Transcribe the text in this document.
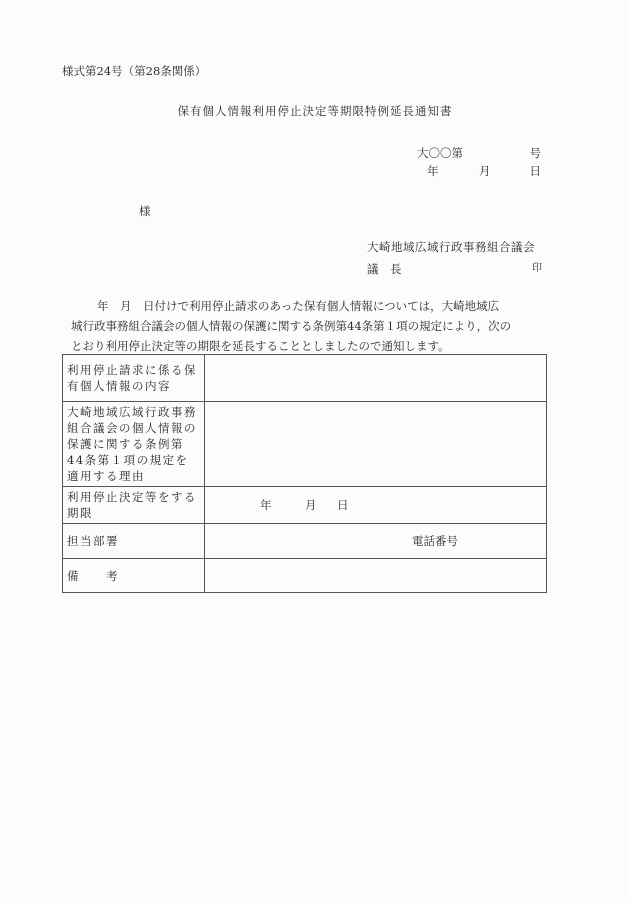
様式第24号（第28条関係）
保有個人情報利用停止決定等期限特例延長通知書
大〇〇第	号
年	月	日
様
大崎地域広域行政事務組合議会
議　長	印
　　年　月　日付けで利用停止請求のあった保有個人情報については，大崎地域広
城行政事務組合議会の個人情報の保護に関する条例第44条第１項の規定により，次の
とおり利用停止決定等の期限を延長することとしましたので通知します。
利用停止請求に係る保有個人情報の内容	
大崎地域広域行政事務組合議会の個人情報の保護に関する条例第44条第１項の規定を適用する理由	
利用停止決定等をする期限	年 月 日

担当部署	電話番号

備　　考	
